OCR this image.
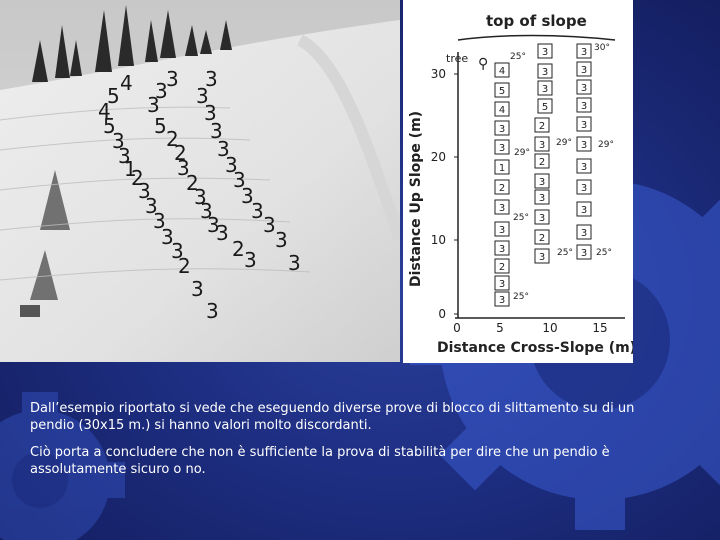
4 3 3
5 3 3
4 3 3
5 5 3
3 2 3
3 2 3
1 3 3
2 2
3
3 3
3
3 3
3
3 3
3
3 3
2
3	3 3
2
3
3
top of slope
tree ⚲
Distance Up Slope (m)
Distance Cross-Slope (m)
30
20
10
0
0	5	10	15
4
5
4
3
3
1
2
3
3
3
2
3
3
3
3
3
5
2
3
2
3
3
3
2
3
3
3
3
3
3
3
3
3
3
3
3
25°
30°
29°
29°	29°
25°
25°	25°
25°

Dall’esempio riportato si vede che eseguendo diverse prove di blocco di slittamento su di un pendio (30x15 m.) si hanno valori molto discordanti.

Ciò porta a concludere che non è sufficiente la prova di stabilità per dire che un pendio è assolutamente sicuro o no.
